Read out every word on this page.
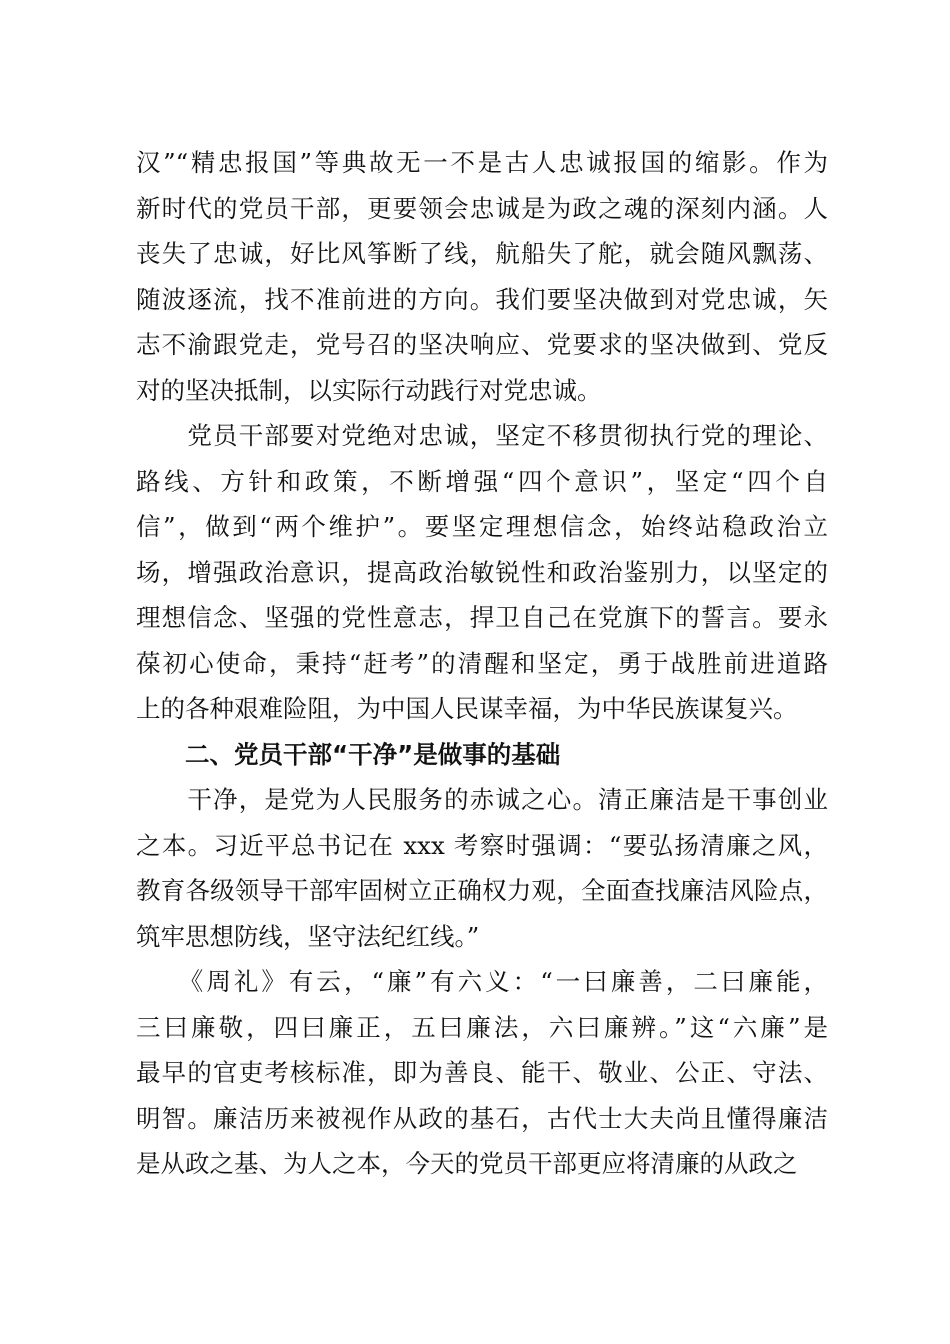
汉”“精忠报国”等典故无一不是古人忠诚报国的缩影。作为
新时代的党员干部，更要领会忠诚是为政之魂的深刻内涵。人
丧失了忠诚，好比风筝断了线，航船失了舵，就会随风飘荡、
随波逐流，找不准前进的方向。我们要坚决做到对党忠诚，矢
志不渝跟党走，党号召的坚决响应、党要求的坚决做到、党反
对的坚决抵制，以实际行动践行对党忠诚。
　　党员干部要对党绝对忠诚，坚定不移贯彻执行党的理论、
路线、方针和政策，不断增强“四个意识”，坚定“四个自
信”，做到“两个维护”。要坚定理想信念，始终站稳政治立
场，增强政治意识，提高政治敏锐性和政治鉴别力，以坚定的
理想信念、坚强的党性意志，捍卫自己在党旗下的誓言。要永
葆初心使命，秉持“赶考”的清醒和坚定，勇于战胜前进道路
上的各种艰难险阻，为中国人民谋幸福，为中华民族谋复兴。
　　二、党员干部“干净”是做事的基础
　　干净，是党为人民服务的赤诚之心。清正廉洁是干事创业
之本。习近平总书记在 xxx 考察时强调：“要弘扬清廉之风，
教育各级领导干部牢固树立正确权力观，全面查找廉洁风险点，
筑牢思想防线，坚守法纪红线。”
　　《周礼》有云，“廉”有六义：“一曰廉善，二曰廉能，
三曰廉敬，四曰廉正，五曰廉法，六曰廉辨。”这“六廉”是
最早的官吏考核标准，即为善良、能干、敬业、公正、守法、
明智。廉洁历来被视作从政的基石，古代士大夫尚且懂得廉洁
是从政之基、为人之本，今天的党员干部更应将清廉的从政之
